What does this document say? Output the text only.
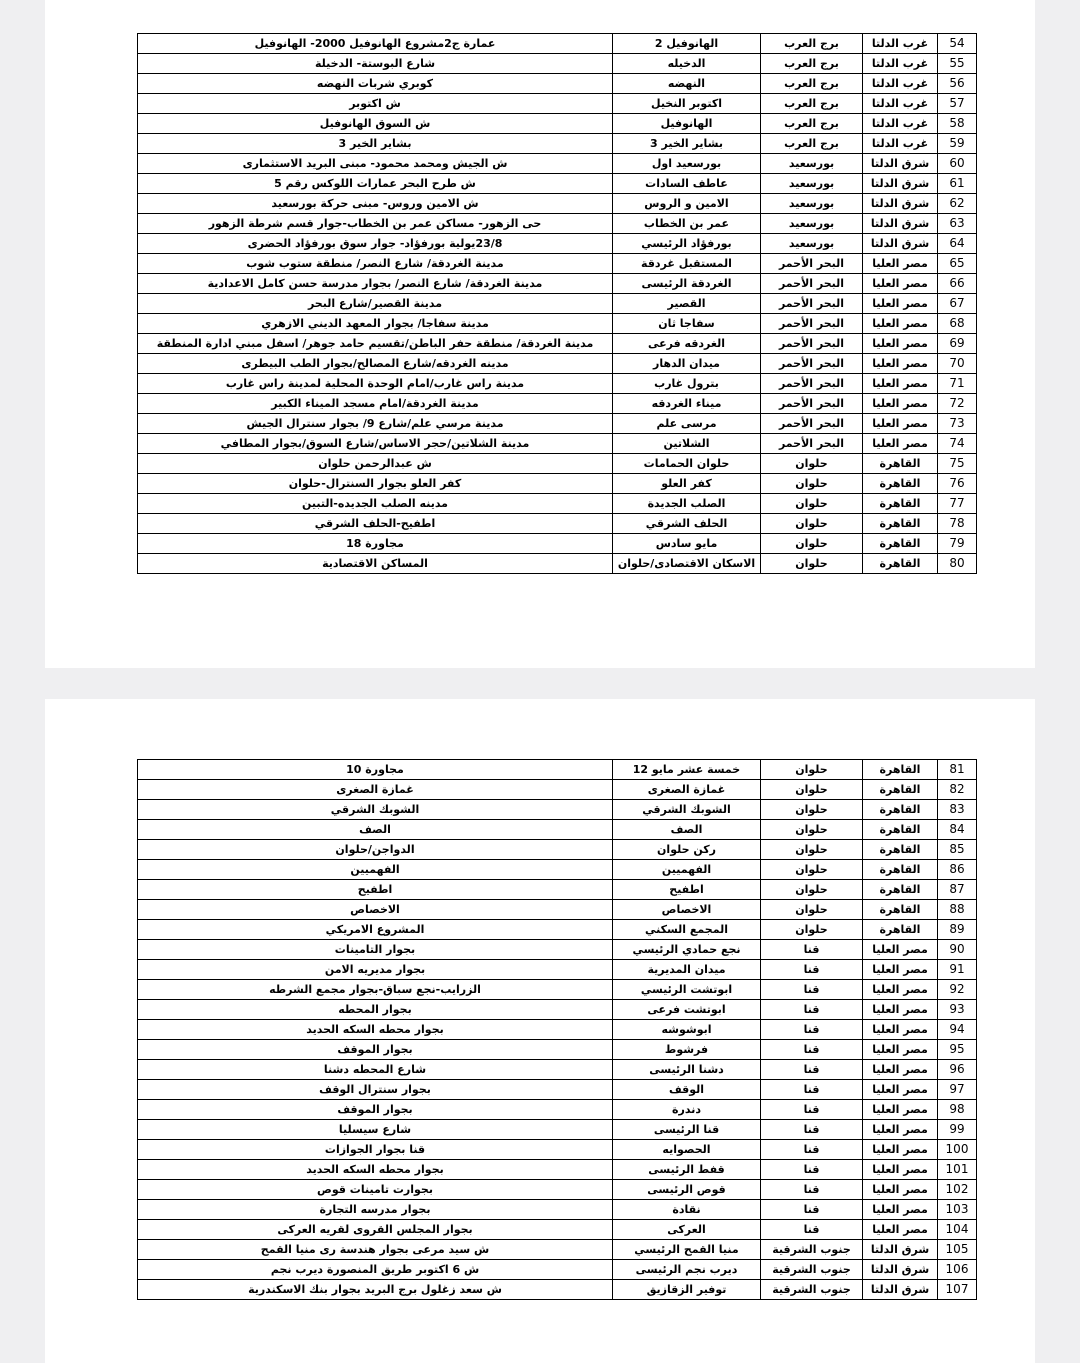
عمارة ج2مشروع الهانوفيل 2000- الهانوفيل	الهانوفيل 2	برج العرب	غرب الدلتا	54
شارع البوستة- الدخيلة	الدخيله	برج العرب	غرب الدلتا	55
كوبري شربات النهضه	النهضه	برج العرب	غرب الدلتا	56
ش اكتوبر	اكتوبر النخيل	برج العرب	غرب الدلتا	57
ش السوق الهانوفيل	الهانوفيل	برج العرب	غرب الدلتا	58
بشاير الخير 3	بشاير الخير 3	برج العرب	غرب الدلتا	59
ش الجيش ومحمد محمود- مبنى البريد الاستثمارى	بورسعيد اول	بورسعيد	شرق الدلتا	60
ش طرح البحر عمارات اللوكس رقم 5	عاطف السادات	بورسعيد	شرق الدلتا	61
ش الامين وروس- مبنى حركة بورسعيد	الامين و الروس	بورسعيد	شرق الدلتا	62
حى الزهور- مساكن عمر بن الخطاب-جوار قسم شرطة الزهور	عمر بن الخطاب	بورسعيد	شرق الدلتا	63
23/8يولية بورفؤاد- جوار سوق بورفؤاد الحضرى	بورفؤاد الرئيسي	بورسعيد	شرق الدلتا	64
مدينة الغردقة/ شارع النصر/ منطقة ستوب شوب	المستقبل غردقة	البحر الأحمر	مصر العليا	65
مدينة الغردقة/ شارع النصر/ بجوار مدرسة حسن كامل الاعدادية	الغردقة الرئيسى	البحر الأحمر	مصر العليا	66
مدينة القصير/شارع البحر	القصير	البحر الأحمر	مصر العليا	67
مدينة سفاجا/ بجوار المعهد الديني الازهري	سفاجا ثان	البحر الأحمر	مصر العليا	68
مدينة الغردقة/ منطقة حفر الباطن/تقسيم حامد جوهر/ اسفل مبني ادارة المنطقة	الغردقه فرعى	البحر الأحمر	مصر العليا	69
مدينه الغردقه/شارع المصالح/بجوار الطب البيطرى	ميدان الدهار	البحر الأحمر	مصر العليا	70
مدينة راس غارب/امام الوحدة المحلية لمدينة راس غارب	بترول غارب	البحر الأحمر	مصر العليا	71
مدينة الغردقة/امام مسجد الميناء الكبير	ميناء الغردقه	البحر الأحمر	مصر العليا	72
مدينة مرسي علم/شارع 9/ بجوار سنترال الجيش	مرسى علم	البحر الأحمر	مصر العليا	73
مدينة الشلاتين/حجر الاساس/شارع السوق/بجوار المطافي	الشلاتين	البحر الأحمر	مصر العليا	74
ش عبدالرحمن حلوان	حلوان الحمامات	حلوان	القاهرة	75
كفر العلو بجوار السنترال-حلوان	كفر العلو	حلوان	القاهرة	76
مدينه الصلب الجديده-التبين	الصلب الجديدة	حلوان	القاهرة	77
اطفيح-الحلف الشرقي	الحلف الشرقي	حلوان	القاهرة	78
مجاورة 18	مايو سادس	حلوان	القاهرة	79
المساكن الاقتصادية	الاسكان الاقتصادى/حلوان	حلوان	القاهرة	80
مجاورة 10	خمسة عشر مايو 12	حلوان	القاهرة	81
غمازة الصغرى	غمازة الصغرى	حلوان	القاهرة	82
الشوبك الشرقي	الشوبك الشرقي	حلوان	القاهرة	83
الصف	الصف	حلوان	القاهرة	84
الدواجن/حلوان	ركن حلوان	حلوان	القاهرة	85
الفهميين	الفهميين	حلوان	القاهرة	86
اطفيح	اطفيح	حلوان	القاهرة	87
الاخصاص	الاخصاص	حلوان	القاهرة	88
المشروع الامريكي	المجمع السكني	حلوان	القاهرة	89
بجوار التامينات	نجع حمادي الرئيسي	قنا	مصر العليا	90
بجوار مديريه الامن	ميدان المديرية	قنا	مصر العليا	91
الزرايب-نجع سباق-بجوار مجمع الشرطه	ابوتشت الرئيسي	قنا	مصر العليا	92
بجوار المحطه	ابوتشت فرعى	قنا	مصر العليا	93
بجوار محطه السكه الحديد	ابوشوشه	قنا	مصر العليا	94
بجوار الموقف	فرشوط	قنا	مصر العليا	95
شارع المحطه دشنا	دشنا الرئيسى	قنا	مصر العليا	96
بجوار سنترال الوقف	الوقف	قنا	مصر العليا	97
بجوار الموقف	دندرة	قنا	مصر العليا	98
شارع سيسليا	قنا الرئيسى	قنا	مصر العليا	99
قنا بجوار الجوازات	الحصوايه	قنا	مصر العليا	100
بجوار محطه السكه الحديد	قفط الرئيسى	قنا	مصر العليا	101
بجوارت تامينات قوص	قوص الرئيسى	قنا	مصر العليا	102
بجوار مدرسه التجارة	نقادة	قنا	مصر العليا	103
بجوار المجلس القروى لقريه العركى	العركى	قنا	مصر العليا	104
ش سيد مرعى بجوار هندسة رى منيا القمح	منيا القمح الرئيسي	جنوب الشرقية	شرق الدلتا	105
ش 6 اكتوبر طريق المنصورة ديرب نجم	ديرب نجم الرئيسى	جنوب الشرقية	شرق الدلتا	106
ش سعد زغلول برج البريد بجوار بنك الاسكندرية	توفير الزقازيق	جنوب الشرقية	شرق الدلتا	107
